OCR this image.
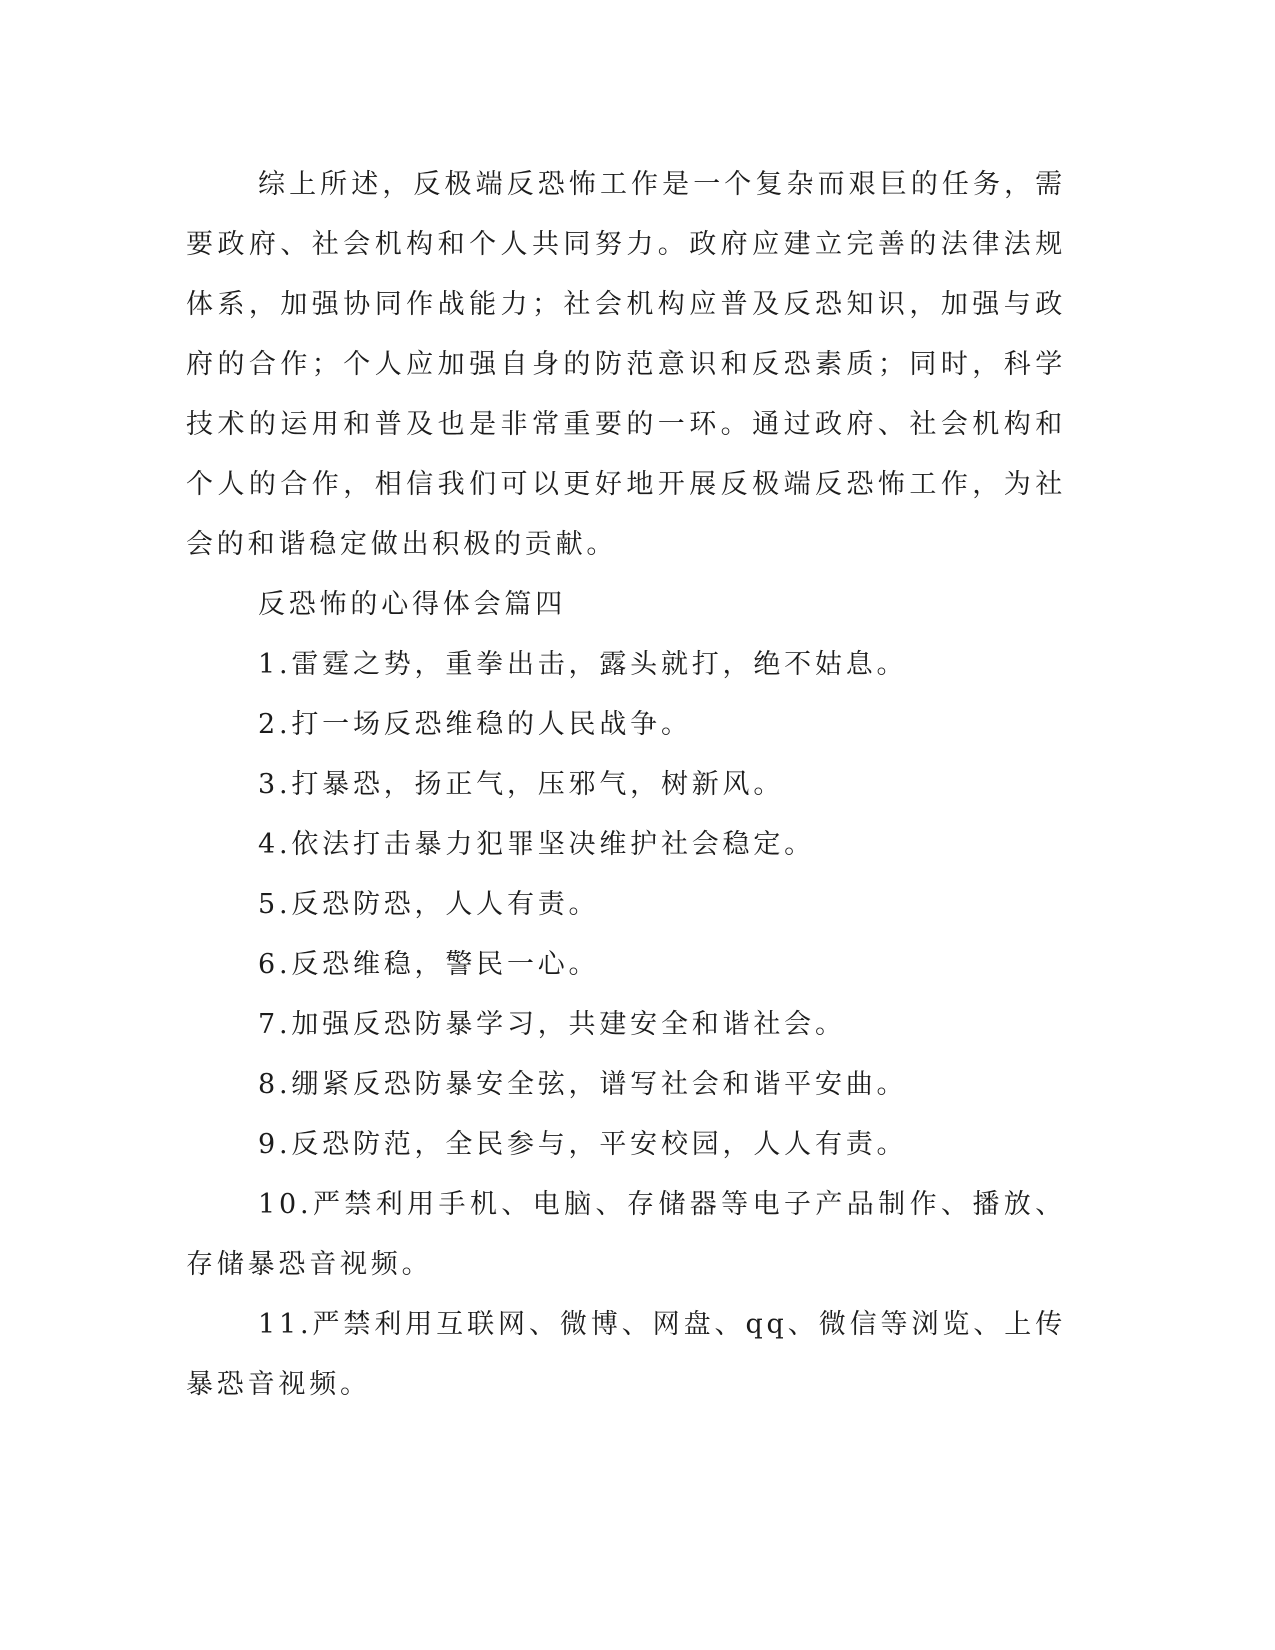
综上所述，反极端反恐怖工作是一个复杂而艰巨的任务，需要政府、社会机构和个人共同努力。政府应建立完善的法律法规体系，加强协同作战能力；社会机构应普及反恐知识，加强与政府的合作；个人应加强自身的防范意识和反恐素质；同时，科学技术的运用和普及也是非常重要的一环。通过政府、社会机构和个人的合作，相信我们可以更好地开展反极端反恐怖工作，为社会的和谐稳定做出积极的贡献。

反恐怖的心得体会篇四

1.雷霆之势，重拳出击，露头就打，绝不姑息。

2.打一场反恐维稳的人民战争。

3.打暴恐，扬正气，压邪气，树新风。

4.依法打击暴力犯罪坚决维护社会稳定。

5.反恐防恐，人人有责。

6.反恐维稳，警民一心。

7.加强反恐防暴学习，共建安全和谐社会。

8.绷紧反恐防暴安全弦，谱写社会和谐平安曲。

9.反恐防范，全民参与，平安校园，人人有责。

10.严禁利用手机、电脑、存储器等电子产品制作、播放、存储暴恐音视频。

11.严禁利用互联网、微博、网盘、qq、微信等浏览、上传暴恐音视频。
